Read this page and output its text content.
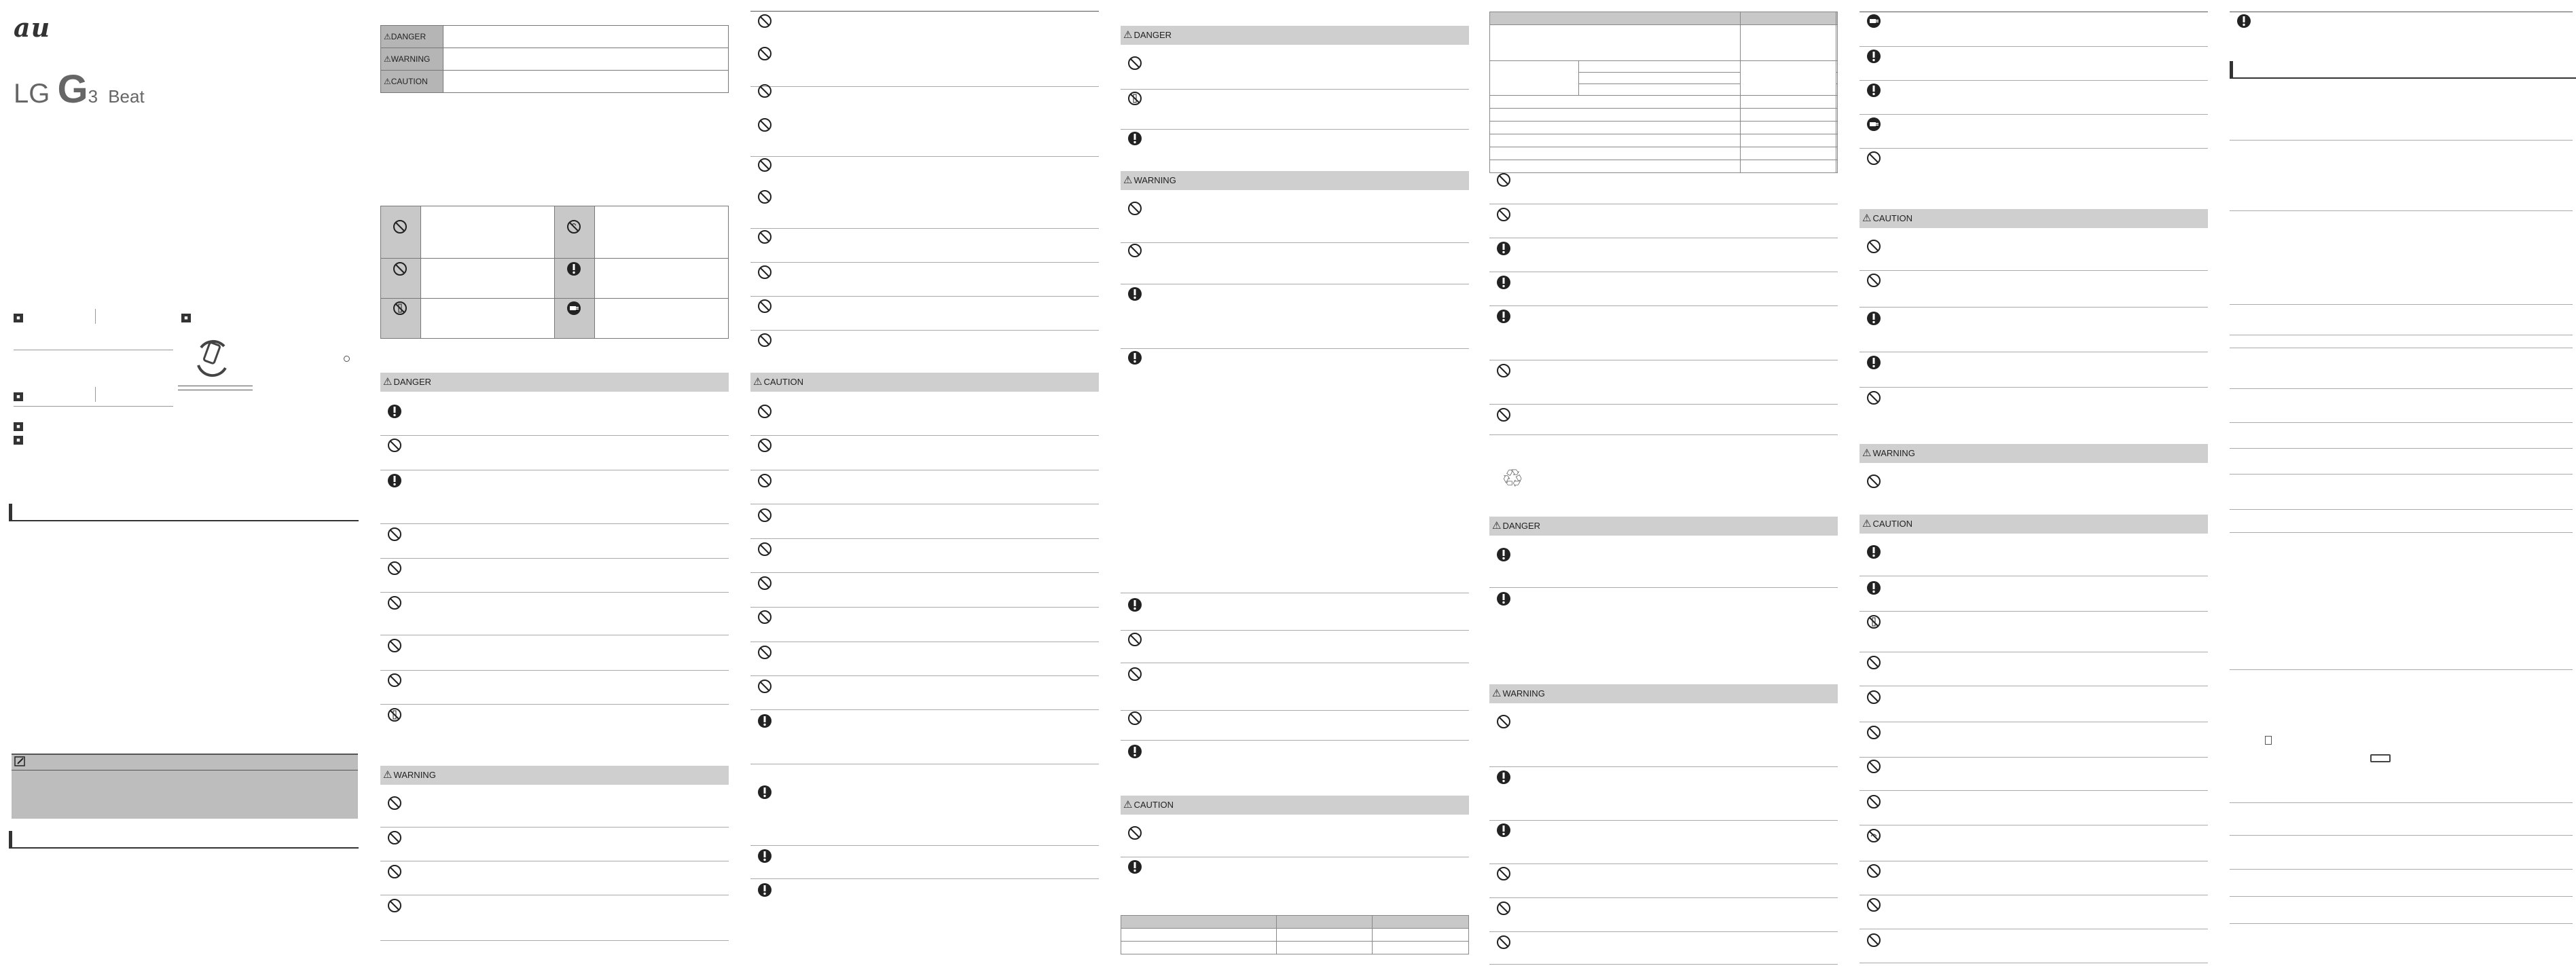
au
LG G3 Beat
■	■
■
■
■
⚠DANGER	
⚠WARNING	
⚠CAUTION	
⚠ DANGER
⚠ WARNING
⚠ CAUTION
⚠ DANGER
⚠ WARNING
⚠ CAUTION

♲
⚠ DANGER
⚠ WARNING
⚠ CAUTION
⚠ WARNING
⚠ CAUTION
